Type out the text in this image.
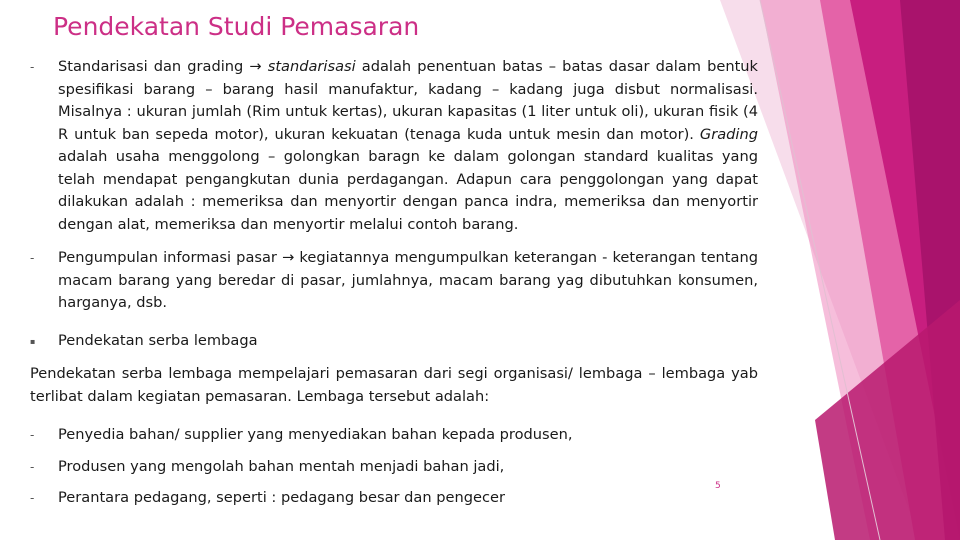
Pendekatan Studi Pemasaran
-	Standarisasi dan grading → standarisasi adalah penentuan batas – batas dasar dalam bentuk spesifikasi barang – barang hasil manufaktur, kadang – kadang juga disbut normalisasi. Misalnya : ukuran jumlah (Rim untuk kertas), ukuran kapasitas (1 liter untuk oli), ukuran fisik (4 R untuk ban sepeda motor), ukuran kekuatan (tenaga kuda untuk mesin dan motor). Grading adalah usaha menggolong – golongkan baragn ke dalam golongan standard kualitas yang telah mendapat pengangkutan dunia perdagangan. Adapun cara penggolongan yang dapat dilakukan adalah : memeriksa dan menyortir dengan panca indra, memeriksa dan menyortir dengan alat, memeriksa dan menyortir melalui contoh barang.
-	Pengumpulan informasi pasar → kegiatannya mengumpulkan keterangan - keterangan tentang macam barang yang beredar di pasar, jumlahnya, macam barang yag dibutuhkan konsumen, harganya, dsb.
▪	Pendekatan serba lembaga
Pendekatan serba lembaga mempelajari pemasaran dari segi organisasi/ lembaga – lembaga yab terlibat dalam kegiatan pemasaran. Lembaga tersebut adalah:
-	Penyedia bahan/ supplier yang menyediakan bahan kepada produsen,
-	Produsen yang mengolah bahan mentah menjadi bahan jadi,
-	Perantara pedagang, seperti : pedagang besar dan pengecer
5
